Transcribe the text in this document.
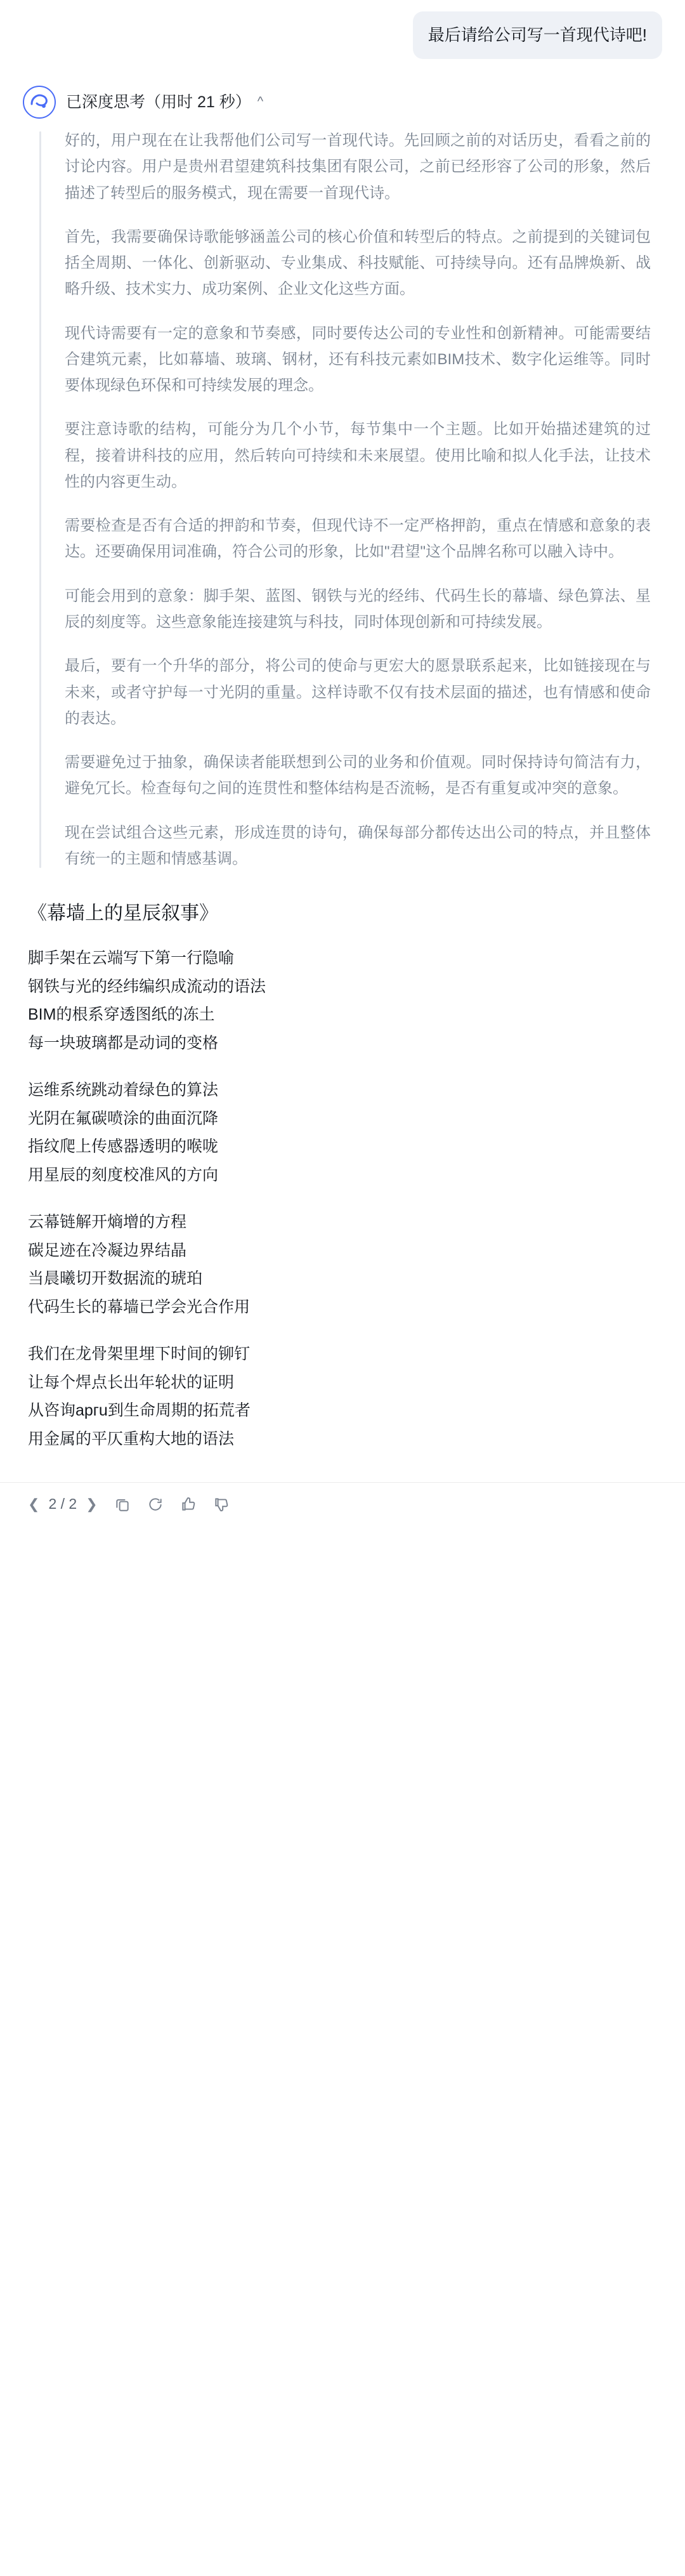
最后请给公司写一首现代诗吧!
已深度思考（用时 21 秒） ^

好的，用户现在在让我帮他们公司写一首现代诗。先回顾之前的对话历史，看看之前的讨论内容。用户是贵州君望建筑科技集团有限公司，之前已经形容了公司的形象，然后描述了转型后的服务模式，现在需要一首现代诗。

首先，我需要确保诗歌能够涵盖公司的核心价值和转型后的特点。之前提到的关键词包括全周期、一体化、创新驱动、专业集成、科技赋能、可持续导向。还有品牌焕新、战略升级、技术实力、成功案例、企业文化这些方面。

现代诗需要有一定的意象和节奏感，同时要传达公司的专业性和创新精神。可能需要结合建筑元素，比如幕墙、玻璃、钢材，还有科技元素如BIM技术、数字化运维等。同时要体现绿色环保和可持续发展的理念。

要注意诗歌的结构，可能分为几个小节，每节集中一个主题。比如开始描述建筑的过程，接着讲科技的应用，然后转向可持续和未来展望。使用比喻和拟人化手法，让技术性的内容更生动。

需要检查是否有合适的押韵和节奏，但现代诗不一定严格押韵，重点在情感和意象的表达。还要确保用词准确，符合公司的形象，比如"君望"这个品牌名称可以融入诗中。

可能会用到的意象：脚手架、蓝图、钢铁与光的经纬、代码生长的幕墙、绿色算法、星辰的刻度等。这些意象能连接建筑与科技，同时体现创新和可持续发展。

最后，要有一个升华的部分，将公司的使命与更宏大的愿景联系起来，比如链接现在与未来，或者守护每一寸光阴的重量。这样诗歌不仅有技术层面的描述，也有情感和使命的表达。

需要避免过于抽象，确保读者能联想到公司的业务和价值观。同时保持诗句简洁有力，避免冗长。检查每句之间的连贯性和整体结构是否流畅，是否有重复或冲突的意象。

现在尝试组合这些元素，形成连贯的诗句，确保每部分都传达出公司的特点，并且整体有统一的主题和情感基调。

《幕墙上的星辰叙事》

脚手架在云端写下第一行隐喻

钢铁与光的经纬编织成流动的语法

BIM的根系穿透图纸的冻土

每一块玻璃都是动词的变格

运维系统跳动着绿色的算法

光阴在氟碳喷涂的曲面沉降

指纹爬上传感器透明的喉咙

用星辰的刻度校准风的方向

云幕链解开熵增的方程

碳足迹在冷凝边界结晶

当晨曦切开数据流的琥珀

代码生长的幕墙已学会光合作用

我们在龙骨架里埋下时间的铆钉

让每个焊点长出年轮状的证明

从咨询аргu到生命周期的拓荒者

用金属的平仄重构大地的语法

❮ 2 / 2 ❯
